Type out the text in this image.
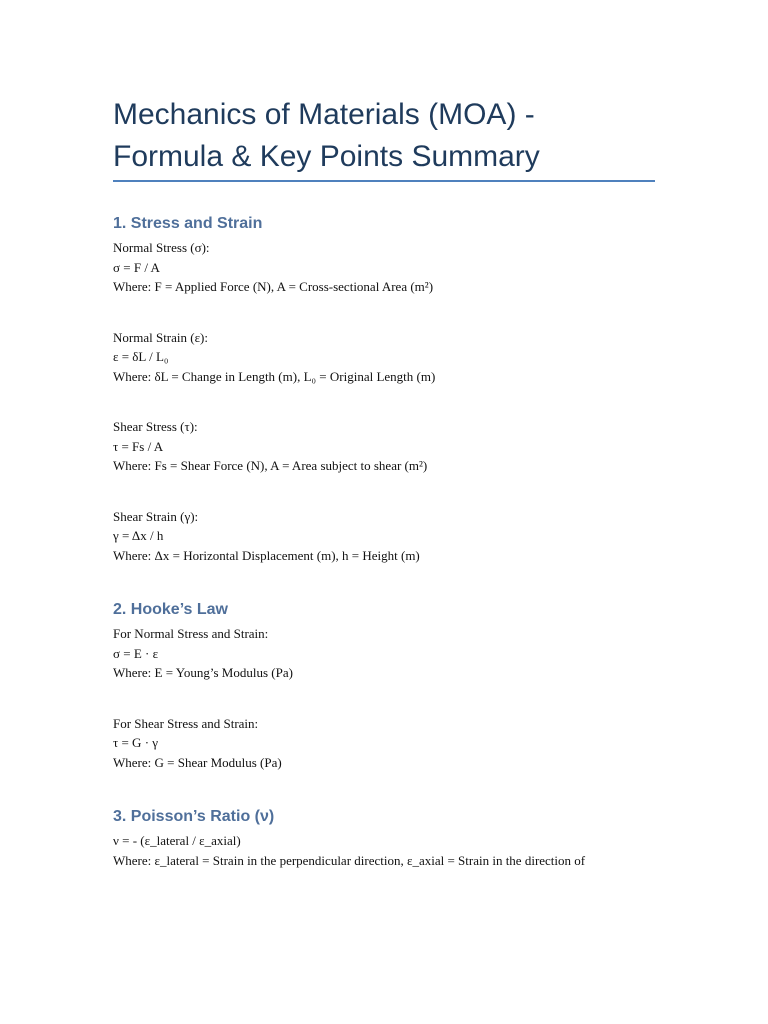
Mechanics of Materials (MOA) -
Formula & Key Points Summary
1. Stress and Strain
Normal Stress (σ):
σ = F / A
Where: F = Applied Force (N), A = Cross-sectional Area (m²)
Normal Strain (ε):
ε = δL / L₀
Where: δL = Change in Length (m), L₀ = Original Length (m)
Shear Stress (τ):
τ = Fs / A
Where: Fs = Shear Force (N), A = Area subject to shear (m²)
Shear Strain (γ):
γ = Δx / h
Where: Δx = Horizontal Displacement (m), h = Height (m)
2. Hooke’s Law
For Normal Stress and Strain:
σ = E · ε
Where: E = Young’s Modulus (Pa)
For Shear Stress and Strain:
τ = G · γ
Where: G = Shear Modulus (Pa)
3. Poisson’s Ratio (ν)
ν = - (ε_lateral / ε_axial)
Where: ε_lateral = Strain in the perpendicular direction, ε_axial = Strain in the direction of
